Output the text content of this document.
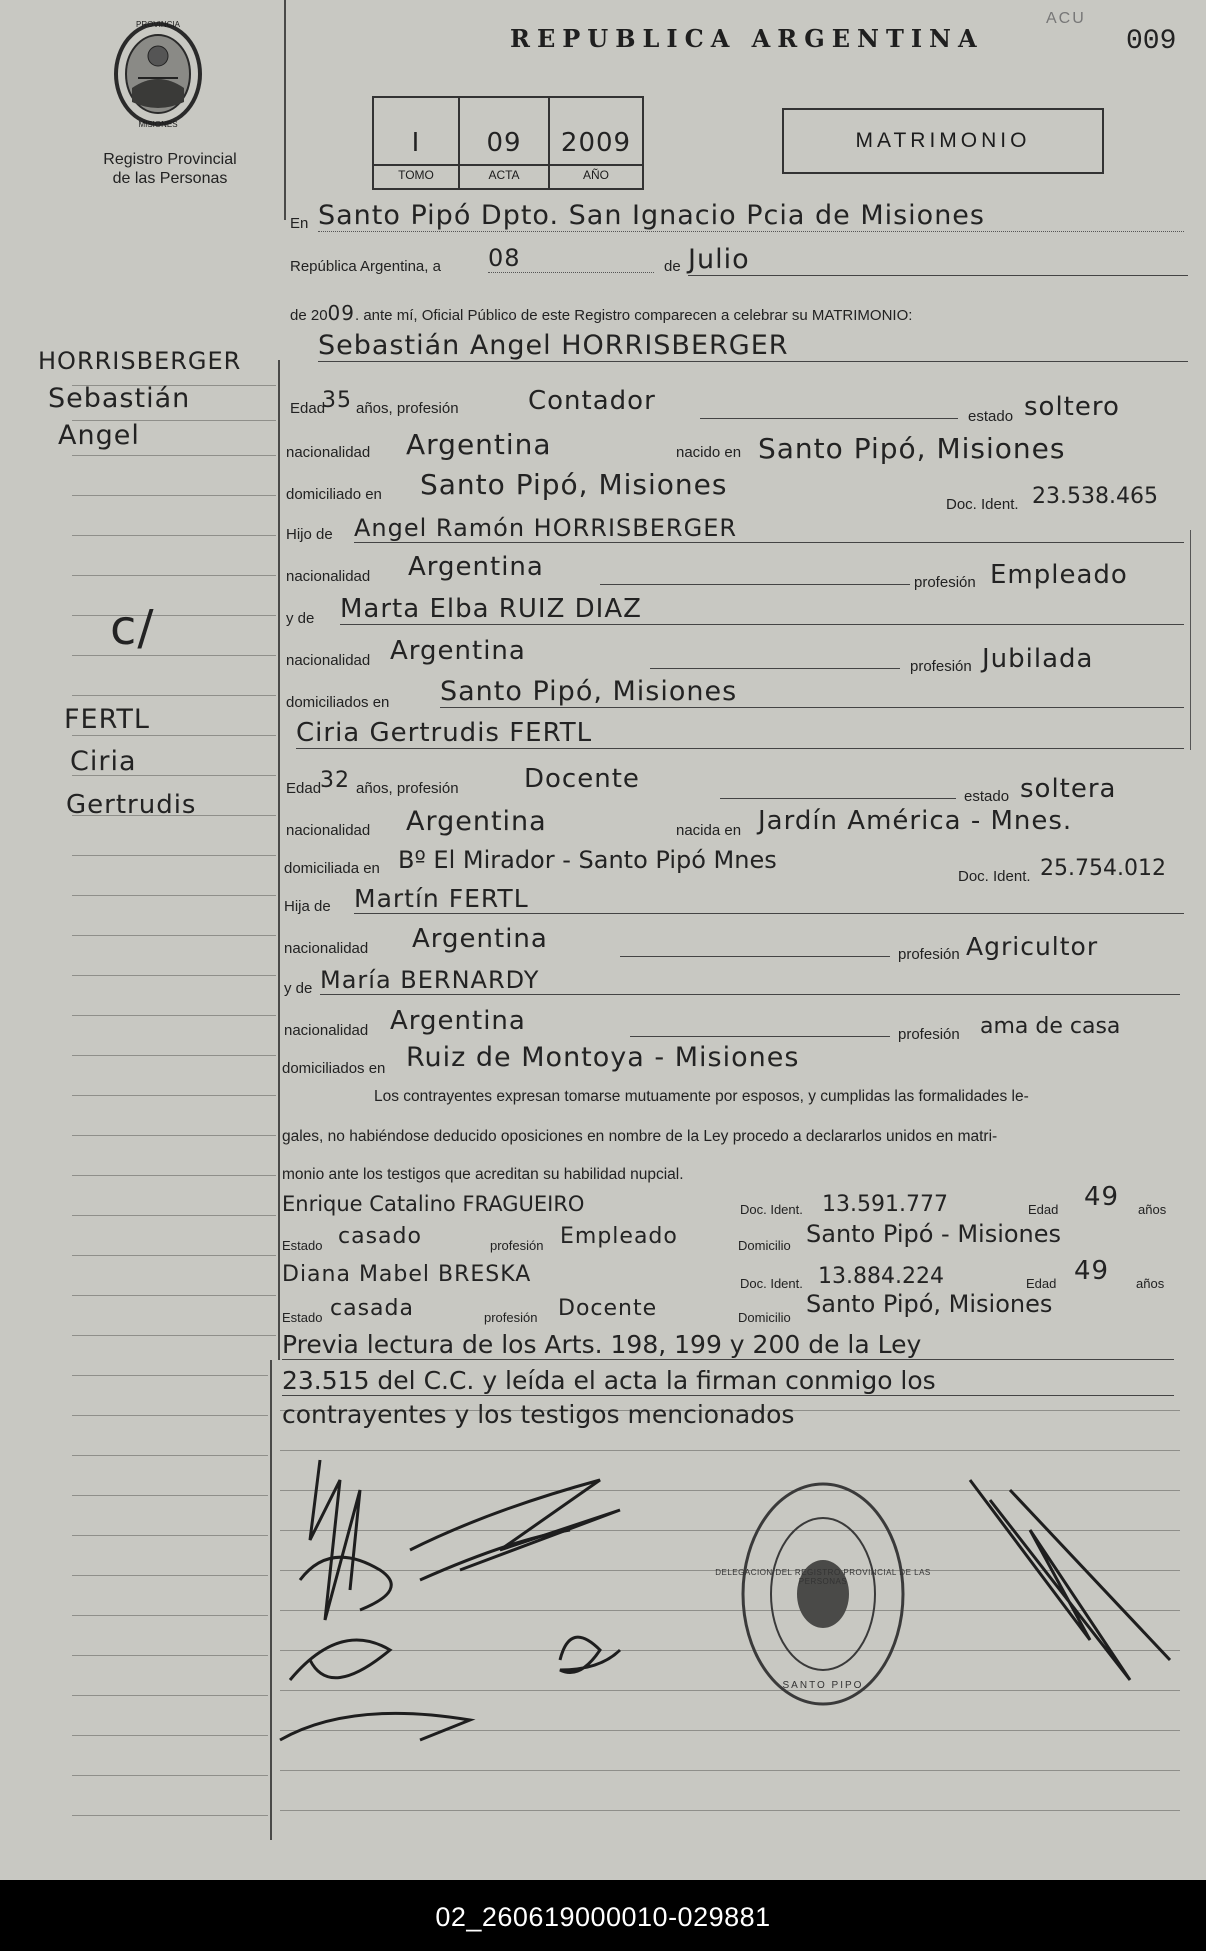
PROVINCIA
MISIONES
Registro Provincial
de las Personas
REPUBLICA ARGENTINA
ACU
009
I	09	2009
TOMO	ACTA	AÑO
MATRIMONIO
HORRISBERGER
Sebastián
Angel
c/
FERTL
Ciria
Gertrudis
En Santo Pipó Dpto. San Ignacio Pcia de Misiones
República Argentina, a 08	de Julio
de 2009. ante mí, Oficial Público de este Registro comparecen a celebrar su MATRIMONIO:
Sebastián Angel HORRISBERGER
Edad
35 años, profesión	Contador
estado soltero
nacionalidad Argentina	nacido en Santo Pipó, Misiones
domiciliado en Santo Pipó, Misiones
Doc. Ident. 23.538.465
Hijo de Angel Ramón HORRISBERGER
nacionalidad Argentina
profesión Empleado
y de Marta Elba RUIZ DIAZ
nacionalidad Argentina
profesión Jubilada
domiciliados en Santo Pipó, Misiones
Ciria Gertrudis FERTL
Edad
32 años, profesión	Docente
estado soltera
nacionalidad Argentina	nacida en Jardín América - Mnes.
domiciliada en Bº El Mirador - Santo Pipó Mnes
Doc. Ident. 25.754.012
Hija de Martín FERTL
nacionalidad Argentina
profesión Agricultor
y de María BERNARDY
nacionalidad Argentina	profesión ama de casa
domiciliados en Ruiz de Montoya - Misiones
Los contrayentes expresan tomarse mutuamente por esposos, y cumplidas las formalidades le-
gales, no habiéndose deducido oposiciones en nombre de la Ley procedo a declararlos unidos en matri-
monio ante los testigos que acreditan su habilidad nupcial.
Enrique Catalino FRAGUEIRO	Doc. Ident. 13.591.777	Edad 49 años
Estado casado	profesión Empleado	Domicilio Santo Pipó - Misiones
Diana Mabel BRESKA	Doc. Ident. 13.884.224	Edad 49 años
Estado casada	profesión Docente	Domicilio Santo Pipó, Misiones
Previa lectura de los Arts. 198, 199 y 200 de la Ley
23.515 del C.C. y leída el acta la firman conmigo los
contrayentes y los testigos mencionados
DELEGACION DEL REGISTRO PROVINCIAL DE LAS PERSONAS
SANTO PIPO
02_260619000010-029881
